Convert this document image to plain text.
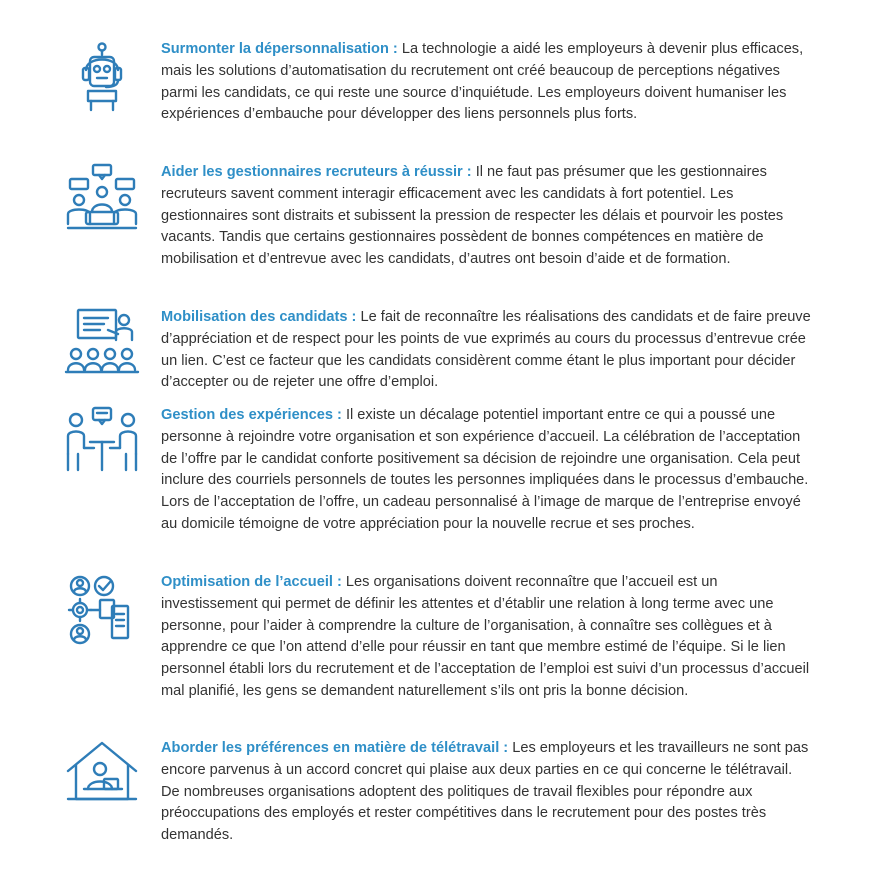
Surmonter la dépersonnalisation : La technologie a aidé les employeurs à devenir plus efficaces, mais les solutions d’automatisation du recrutement ont créé beaucoup de perceptions négatives parmi les candidats, ce qui reste une source d’inquiétude. Les employeurs doivent humaniser les expériences d’embauche pour développer des liens personnels plus forts.

Aider les gestionnaires recruteurs à réussir : Il ne faut pas présumer que les gestionnaires recruteurs savent comment interagir efficacement avec les candidats à fort potentiel. Les gestionnaires sont distraits et subissent la pression de respecter les délais et pourvoir les postes vacants. Tandis que certains gestionnaires possèdent de bonnes compétences en matière de mobilisation et d’entrevue avec les candidats, d’autres ont besoin d’aide et de formation.

Mobilisation des candidats : Le fait de reconnaître les réalisations des candidats et de faire preuve d’appréciation et de respect pour les points de vue exprimés au cours du processus d’entrevue crée un lien. C’est ce facteur que les candidats considèrent comme étant le plus important pour décider d’accepter ou de rejeter une offre d’emploi.

Gestion des expériences : Il existe un décalage potentiel important entre ce qui a poussé une personne à rejoindre votre organisation et son expérience d’accueil. La célébration de l’acceptation de l’offre par le candidat conforte positivement sa décision de rejoindre une organisation. Cela peut inclure des courriels personnels de toutes les personnes impliquées dans le processus d’embauche. Lors de l’acceptation de l’offre, un cadeau personnalisé à l’image de marque de l’entreprise envoyé au domicile témoigne de votre appréciation pour la nouvelle recrue et ses proches.

Optimisation de l’accueil : Les organisations doivent reconnaître que l’accueil est un investissement qui permet de définir les attentes et d’établir une relation à long terme avec une personne, pour l’aider à comprendre la culture de l’organisation, à connaître ses collègues et à apprendre ce que l’on attend d’elle pour réussir en tant que membre estimé de l’équipe. Si le lien personnel établi lors du recrutement et de l’acceptation de l’emploi est suivi d’un processus d’accueil mal planifié, les gens se demandent naturellement s’ils ont pris la bonne décision.

Aborder les préférences en matière de télétravail : Les employeurs et les travailleurs ne sont pas encore parvenus à un accord concret qui plaise aux deux parties en ce qui concerne le télétravail. De nombreuses organisations adoptent des politiques de travail flexibles pour répondre aux préoccupations des employés et rester compétitives dans le recrutement pour des postes très demandés.
